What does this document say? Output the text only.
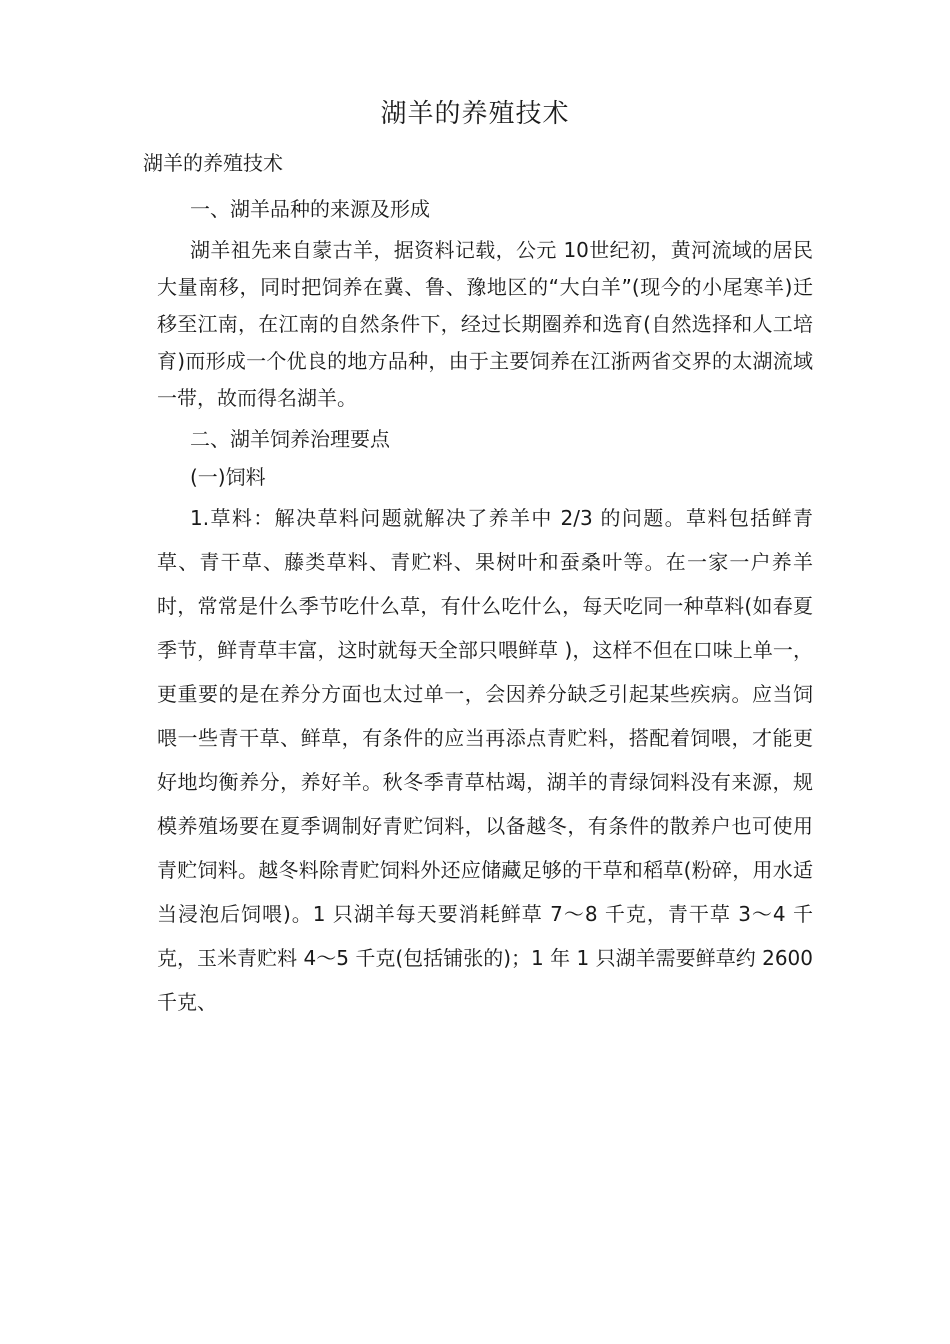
湖羊的养殖技术
湖羊的养殖技术
一、湖羊品种的来源及形成

湖羊祖先来自蒙古羊，据资料记载，公元 10世纪初，黄河流域的居民大量南移，同时把饲养在冀、鲁、豫地区的“大白羊”(现今的小尾寒羊)迁移至江南，在江南的自然条件下，经过长期圈养和选育(自然选择和人工培育)而形成一个优良的地方品种，由于主要饲养在江浙两省交界的太湖流域一带，故而得名湖羊。

二、湖羊饲养治理要点
(一)饲料

1.草料：解决草料问题就解决了养羊中 2/3 的问题。草料包括鲜青草、青干草、藤类草料、青贮料、果树叶和蚕桑叶等。在一家一户养羊时，常常是什么季节吃什么草，有什么吃什么，每天吃同一种草料(如春夏季节，鲜青草丰富，这时就每天全部只喂鲜草 )，这样不但在口味上单一，更重要的是在养分方面也太过单一，会因养分缺乏引起某些疾病。应当饲喂一些青干草、鲜草，有条件的应当再添点青贮料，搭配着饲喂，才能更好地均衡养分，养好羊。秋冬季青草枯竭，湖羊的青绿饲料没有来源，规模养殖场要在夏季调制好青贮饲料，以备越冬，有条件的散养户也可使用青贮饲料。越冬料除青贮饲料外还应储藏足够的干草和稻草(粉碎，用水适当浸泡后饲喂)。1 只湖羊每天要消耗鲜草 7～8 千克，青干草 3～4 千克，玉米青贮料 4～5 千克(包括铺张的)；1 年 1 只湖羊需要鲜草约 2600 千克、
